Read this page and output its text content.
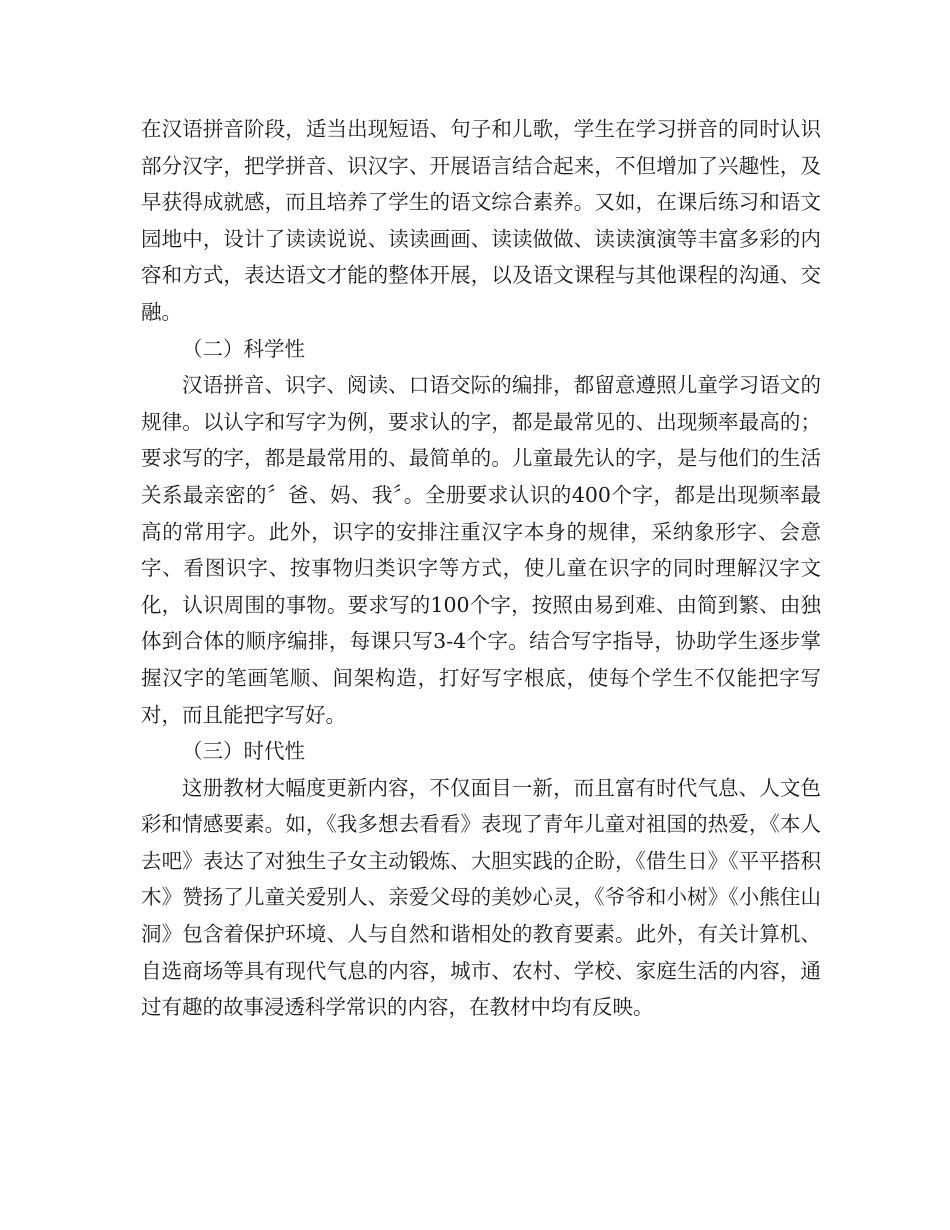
在汉语拼音阶段，适当出现短语、句子和儿歌，学生在学习拼音的同时认识部分汉字，把学拼音、识汉字、开展语言结合起来，不但增加了兴趣性，及早获得成就感，而且培养了学生的语文综合素养。又如，在课后练习和语文园地中，设计了读读说说、读读画画、读读做做、读读演演等丰富多彩的内容和方式，表达语文才能的整体开展，以及语文课程与其他课程的沟通、交融。

（二）科学性

汉语拼音、识字、阅读、口语交际的编排，都留意遵照儿童学习语文的规律。以认字和写字为例，要求认的字，都是最常见的、出现频率最高的；要求写的字，都是最常用的、最简单的。儿童最先认的字，是与他们的生活关系最亲密的〞爸、妈、我〞。全册要求认识的400个字，都是出现频率最高的常用字。此外，识字的安排注重汉字本身的规律，采纳象形字、会意字、看图识字、按事物归类识字等方式，使儿童在识字的同时理解汉字文化，认识周围的事物。要求写的100个字，按照由易到难、由简到繁、由独体到合体的顺序编排，每课只写3-4个字。结合写字指导，协助学生逐步掌握汉字的笔画笔顺、间架构造，打好写字根底，使每个学生不仅能把字写对，而且能把字写好。

（三）时代性

这册教材大幅度更新内容，不仅面目一新，而且富有时代气息、人文色彩和情感要素。如，《我多想去看看》表现了青年儿童对祖国的热爱，《本人去吧》表达了对独生子女主动锻炼、大胆实践的企盼，《借生日》《平平搭积木》赞扬了儿童关爱别人、亲爱父母的美妙心灵，《爷爷和小树》《小熊住山洞》包含着保护环境、人与自然和谐相处的教育要素。此外，有关计算机、自选商场等具有现代气息的内容，城市、农村、学校、家庭生活的内容，通过有趣的故事浸透科学常识的内容，在教材中均有反映。
